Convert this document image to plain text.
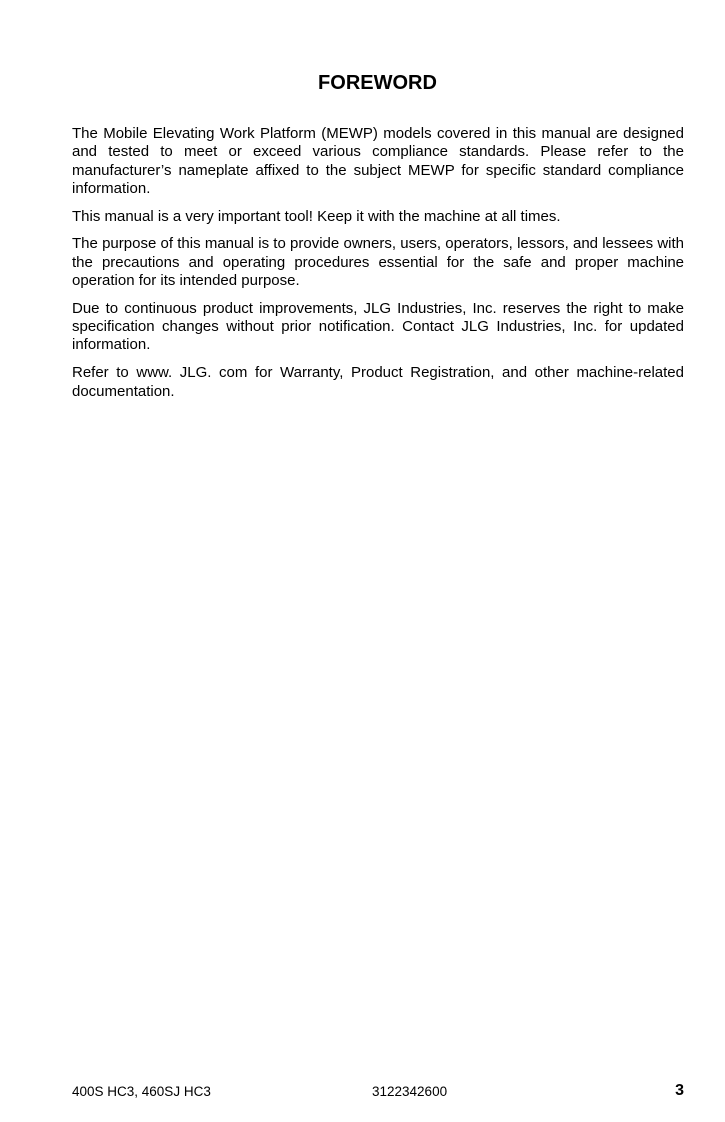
FOREWORD

The Mobile Elevating Work Platform (MEWP) models covered in this manual are designed and tested to meet or exceed various compliance standards. Please refer to the manufacturer’s nameplate affixed to the subject MEWP for specific standard compliance information.

This manual is a very important tool! Keep it with the machine at all times.

The purpose of this manual is to provide owners, users, operators, lessors, and lessees with the precautions and operating procedures essential for the safe and proper machine operation for its intended purpose.

Due to continuous product improvements, JLG Industries, Inc. reserves the right to make specification changes without prior notification. Contact JLG Industries, Inc. for updated information.

Refer to www. JLG. com for Warranty, Product Registration, and other machine-related documentation.

400S HC3, 460SJ HC3	3122342600	3
